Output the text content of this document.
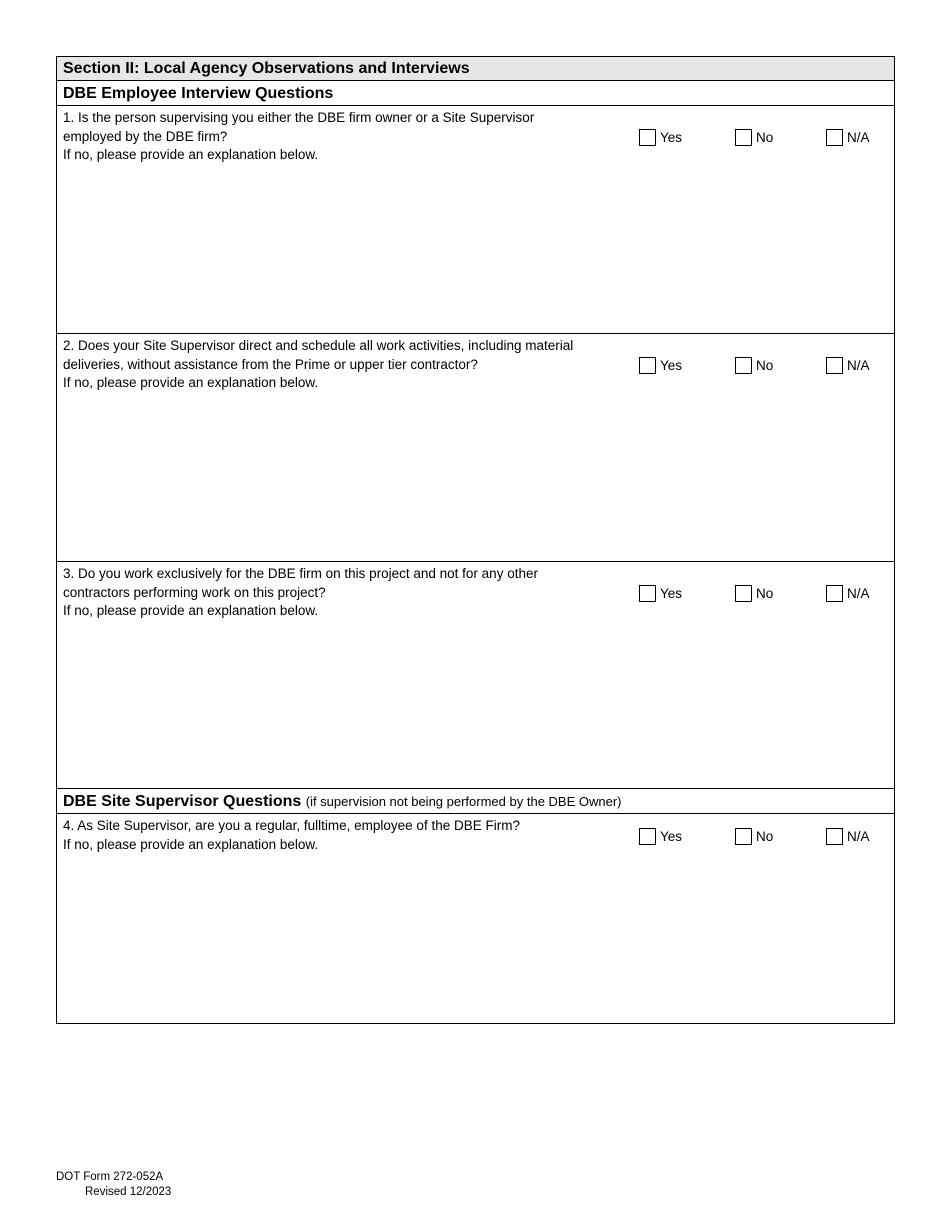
Section II: Local Agency Observations and Interviews
DBE Employee Interview Questions
1. Is the person supervising you either the DBE firm owner or a Site Supervisor
employed by the DBE firm?
If no, please provide an explanation below.
Yes	No	N/A
2. Does your Site Supervisor direct and schedule all work activities, including material
deliveries, without assistance from the Prime or upper tier contractor?
If no, please provide an explanation below.
Yes	No	N/A
3. Do you work exclusively for the DBE firm on this project and not for any other
contractors performing work on this project?
If no, please provide an explanation below.
Yes	No	N/A
DBE Site Supervisor Questions (if supervision not being performed by the DBE Owner)
4. As Site Supervisor, are you a regular, fulltime, employee of the DBE Firm?
If no, please provide an explanation below.
Yes	No	N/A
DOT Form 272-052A
Revised 12/2023
